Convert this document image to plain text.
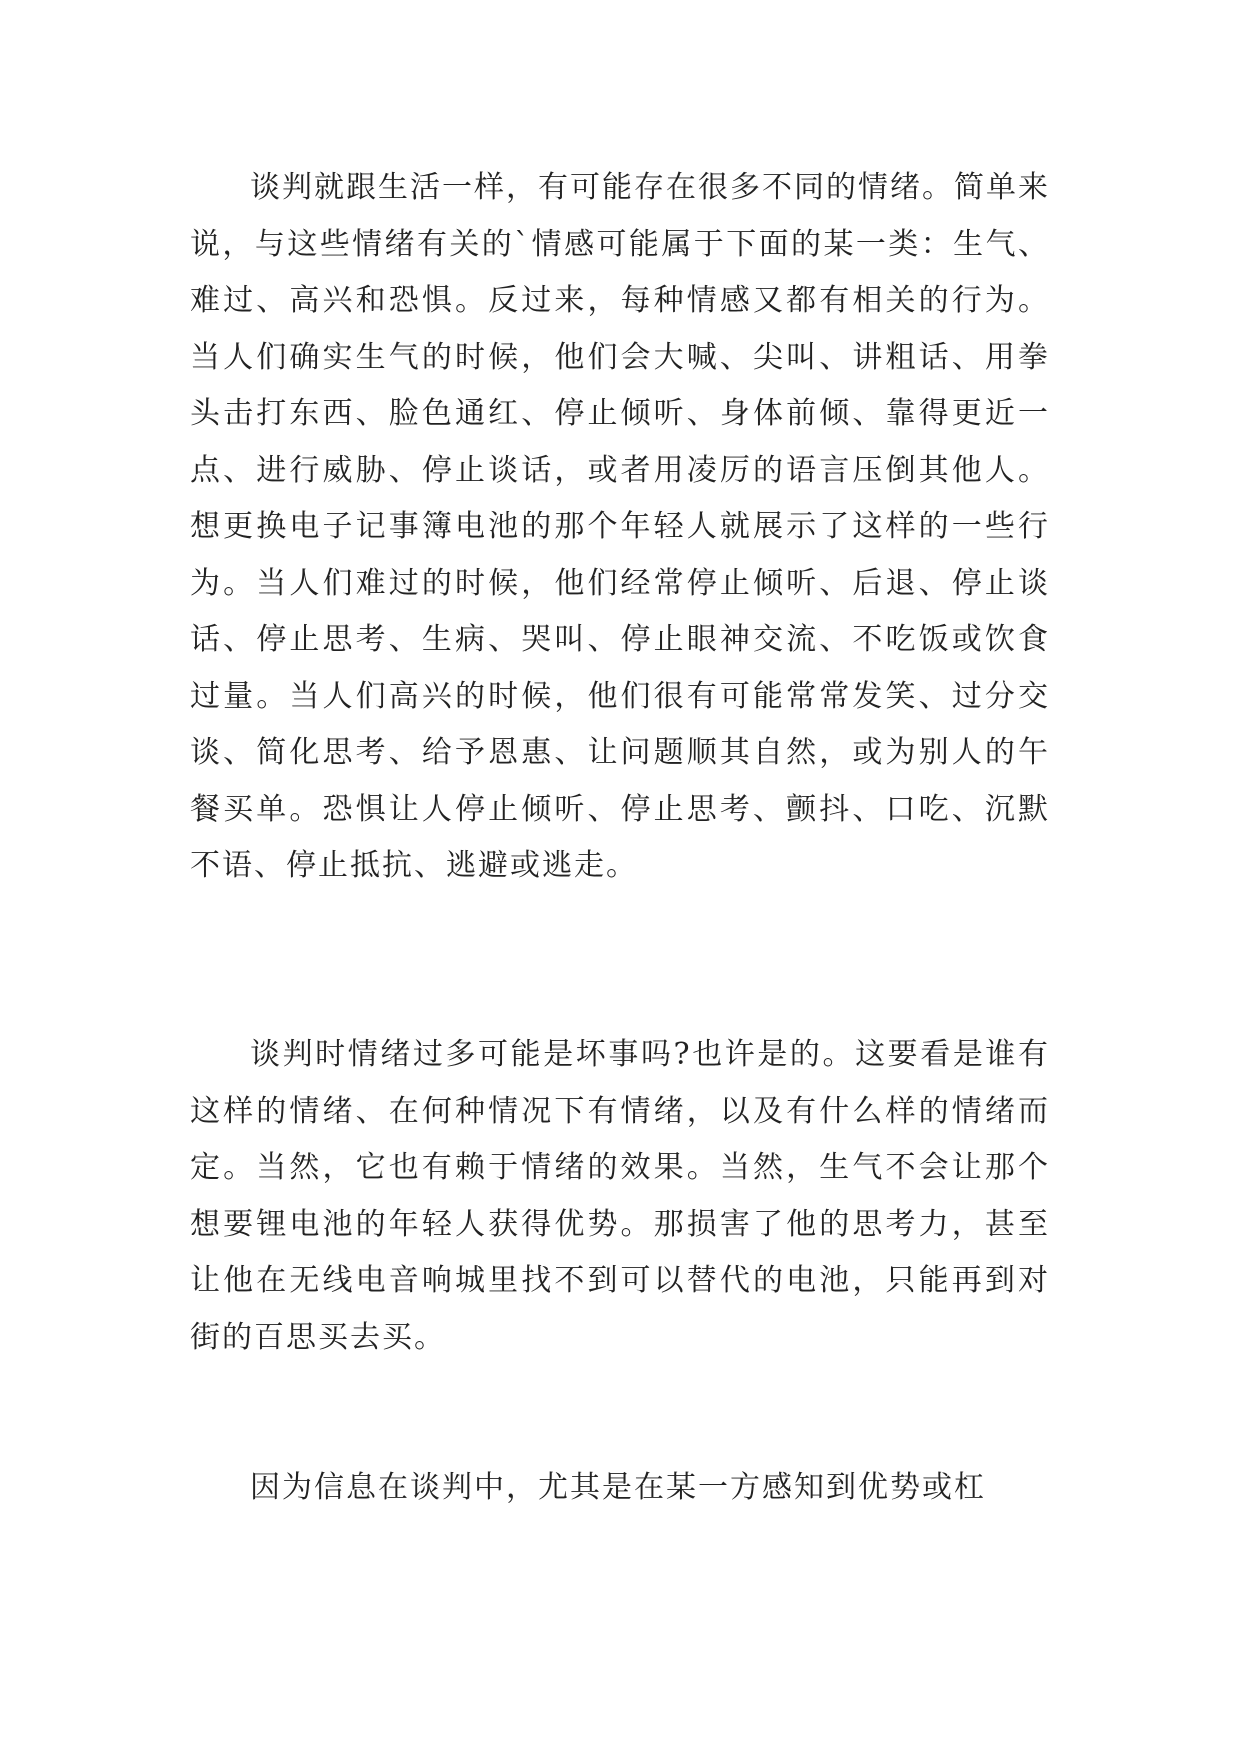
谈判就跟生活一样，有可能存在很多不同的情绪。简单来说，与这些情绪有关的`情感可能属于下面的某一类：生气、难过、高兴和恐惧。反过来，每种情感又都有相关的行为。当人们确实生气的时候，他们会大喊、尖叫、讲粗话、用拳头击打东西、脸色通红、停止倾听、身体前倾、靠得更近一点、进行威胁、停止谈话，或者用凌厉的语言压倒其他人。想更换电子记事簿电池的那个年轻人就展示了这样的一些行为。当人们难过的时候，他们经常停止倾听、后退、停止谈话、停止思考、生病、哭叫、停止眼神交流、不吃饭或饮食过量。当人们高兴的时候，他们很有可能常常发笑、过分交谈、简化思考、给予恩惠、让问题顺其自然，或为别人的午餐买单。恐惧让人停止倾听、停止思考、颤抖、口吃、沉默不语、停止抵抗、逃避或逃走。

谈判时情绪过多可能是坏事吗?也许是的。这要看是谁有这样的情绪、在何种情况下有情绪，以及有什么样的情绪而定。当然，它也有赖于情绪的效果。当然，生气不会让那个想要锂电池的年轻人获得优势。那损害了他的思考力，甚至让他在无线电音响城里找不到可以替代的电池，只能再到对街的百思买去买。

因为信息在谈判中，尤其是在某一方感知到优势或杠
